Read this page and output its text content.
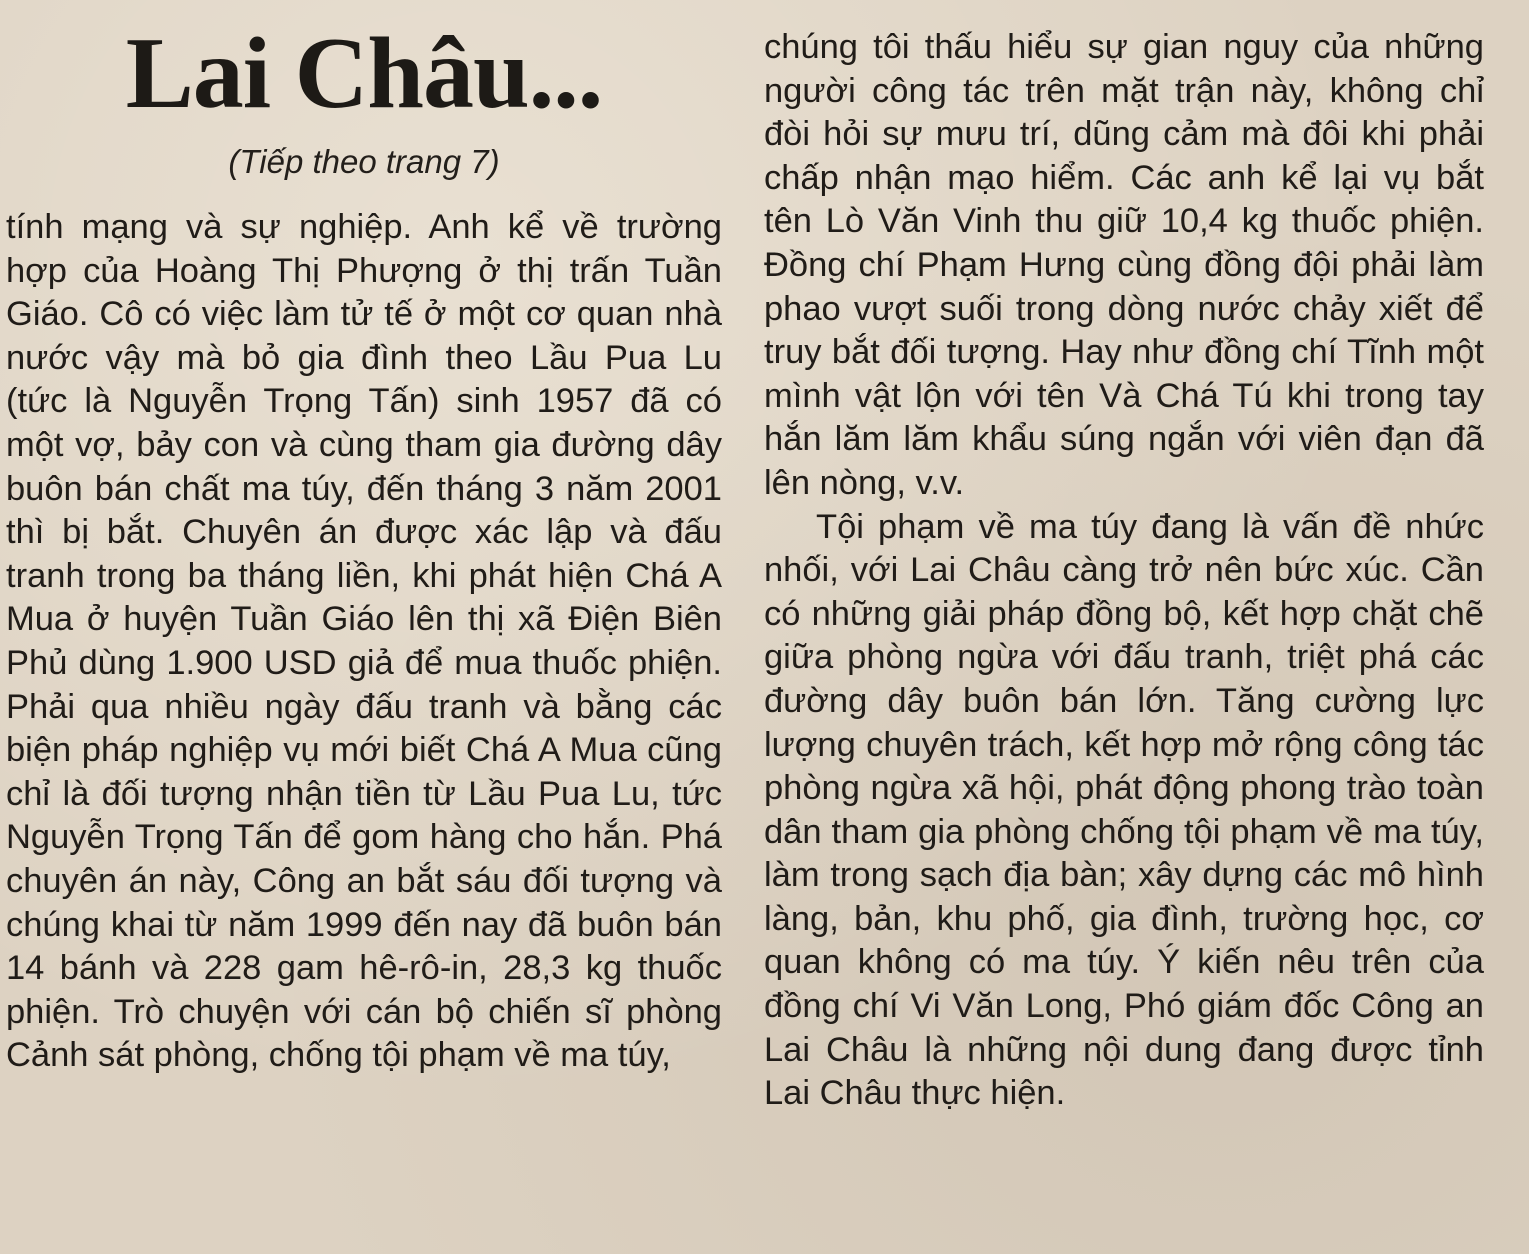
Lai Châu...

(Tiếp theo trang 7)

tính mạng và sự nghiệp. Anh kể về trường hợp của Hoàng Thị Phượng ở thị trấn Tuần Giáo. Cô có việc làm tử tế ở một cơ quan nhà nước vậy mà bỏ gia đình theo Lầu Pua Lu (tức là Nguyễn Trọng Tấn) sinh 1957 đã có một vợ, bảy con và cùng tham gia đường dây buôn bán chất ma túy, đến tháng 3 năm 2001 thì bị bắt. Chuyên án được xác lập và đấu tranh trong ba tháng liền, khi phát hiện Chá A Mua ở huyện Tuần Giáo lên thị xã Điện Biên Phủ dùng 1.900 USD giả để mua thuốc phiện. Phải qua nhiều ngày đấu tranh và bằng các biện pháp nghiệp vụ mới biết Chá A Mua cũng chỉ là đối tượng nhận tiền từ Lầu Pua Lu, tức Nguyễn Trọng Tấn để gom hàng cho hắn. Phá chuyên án này, Công an bắt sáu đối tượng và chúng khai từ năm 1999 đến nay đã buôn bán 14 bánh và 228 gam hê-rô-in, 28,3 kg thuốc phiện. Trò chuyện với cán bộ chiến sĩ phòng Cảnh sát phòng, chống tội phạm về ma túy,

chúng tôi thấu hiểu sự gian nguy của những người công tác trên mặt trận này, không chỉ đòi hỏi sự mưu trí, dũng cảm mà đôi khi phải chấp nhận mạo hiểm. Các anh kể lại vụ bắt tên Lò Văn Vinh thu giữ 10,4 kg thuốc phiện. Đồng chí Phạm Hưng cùng đồng đội phải làm phao vượt suối trong dòng nước chảy xiết để truy bắt đối tượng. Hay như đồng chí Tĩnh một mình vật lộn với tên Và Chá Tú khi trong tay hắn lăm lăm khẩu súng ngắn với viên đạn đã lên nòng, v.v.

Tội phạm về ma túy đang là vấn đề nhức nhối, với Lai Châu càng trở nên bức xúc. Cần có những giải pháp đồng bộ, kết hợp chặt chẽ giữa phòng ngừa với đấu tranh, triệt phá các đường dây buôn bán lớn. Tăng cường lực lượng chuyên trách, kết hợp mở rộng công tác phòng ngừa xã hội, phát động phong trào toàn dân tham gia phòng chống tội phạm về ma túy, làm trong sạch địa bàn; xây dựng các mô hình làng, bản, khu phố, gia đình, trường học, cơ quan không có ma túy. Ý kiến nêu trên của đồng chí Vi Văn Long, Phó giám đốc Công an Lai Châu là những nội dung đang được tỉnh Lai Châu thực hiện.
